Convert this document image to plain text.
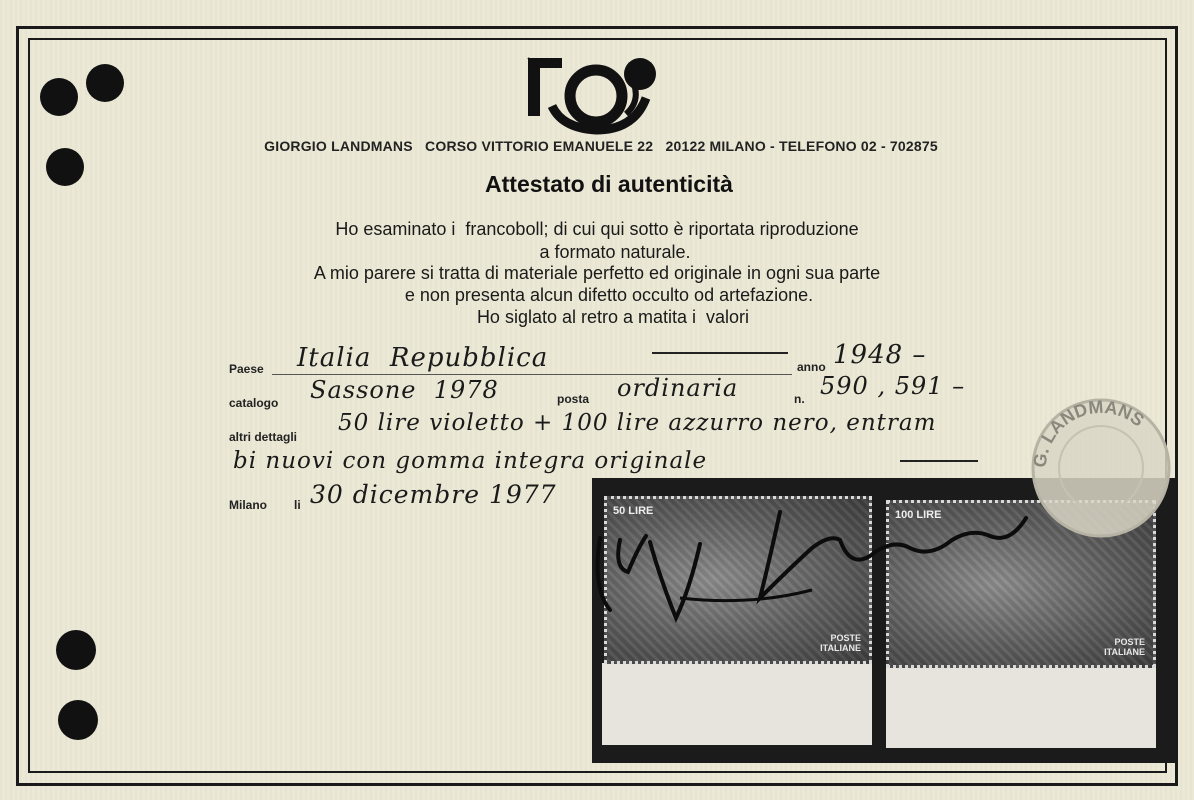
GIORGIO LANDMANS   CORSO VITTORIO EMANUELE 22   20122 MILANO - TELEFONO 02 - 702875
Attestato di autenticità
Ho esaminato i  francoboll; di cui qui sotto è riportata riproduzione
a formato naturale.
A mio parere si tratta di materiale perfetto ed originale in ogni sua parte
e non presenta alcun difetto occulto od artefazione.
Ho siglato al retro a matita i  valori
Paese Italia  Repubblica	anno 1948 –
catalogo Sassone  1978	posta ordinaria	n. 590 , 591 –
altri dettagli
50 lire violetto + 100 lire azzurro nero, entram
bi nuovi con gomma integra originale
Milano li 30 dicembre 1977
50 LIRE
POSTE ITALIANE
100 LIRE
POSTE ITALIANE
G. LANDMANS
